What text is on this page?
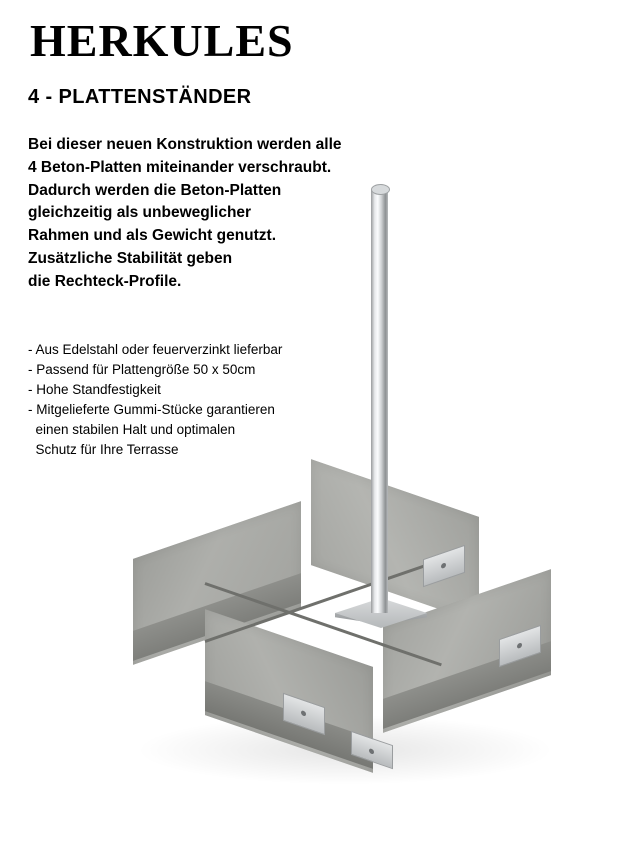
HERKULES
4 - PLATTENSTÄNDER
Bei dieser neuen Konstruktion werden alle
4 Beton-Platten miteinander verschraubt.
Dadurch werden die Beton-Platten
gleichzeitig als unbeweglicher
Rahmen und als Gewicht genutzt.
Zusätzliche Stabilität geben
die Rechteck-Profile.
- Aus Edelstahl oder feuerverzinkt lieferbar
- Passend für Plattengröße 50 x 50cm
- Hohe Standfestigkeit
- Mitgelieferte Gummi-Stücke garantieren
einen stabilen Halt und optimalen
Schutz für Ihre Terrasse
